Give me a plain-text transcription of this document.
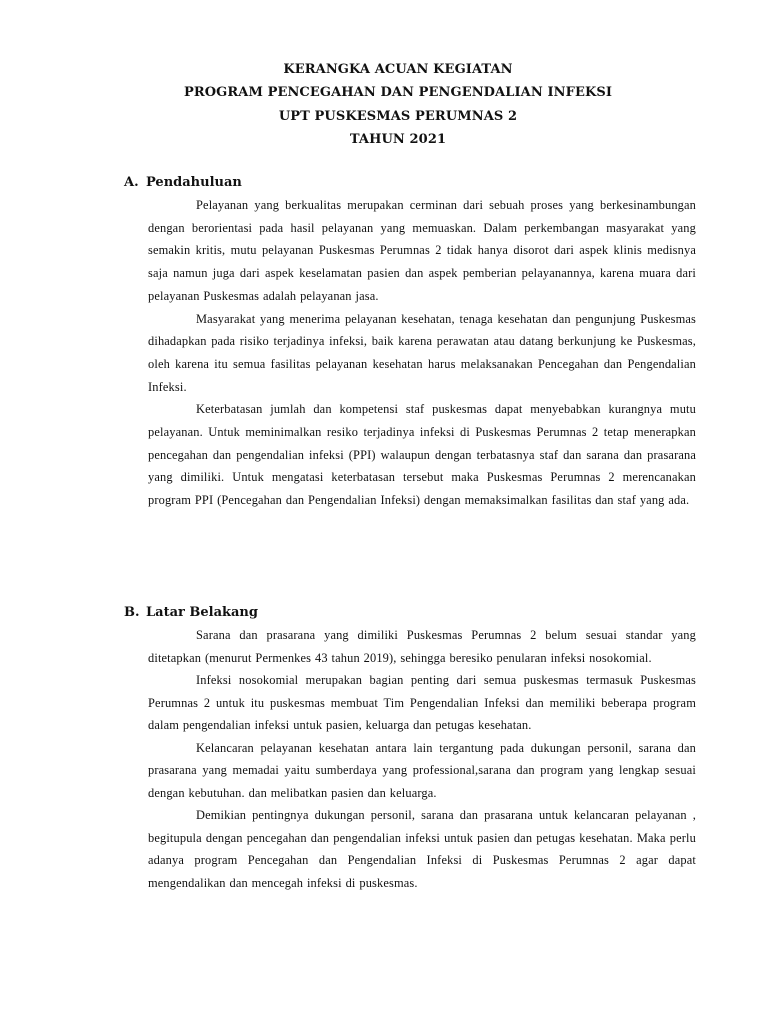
KERANGKA ACUAN KEGIATAN
PROGRAM PENCEGAHAN DAN PENGENDALIAN INFEKSI
UPT PUSKESMAS PERUMNAS 2
TAHUN 2021
A. Pendahuluan

Pelayanan yang berkualitas merupakan cerminan dari sebuah proses yang berkesinambungan dengan berorientasi pada hasil pelayanan yang memuaskan. Dalam perkembangan masyarakat yang semakin kritis, mutu pelayanan Puskesmas Perumnas 2 tidak hanya disorot dari aspek klinis medisnya saja namun juga dari aspek keselamatan pasien dan aspek pemberian pelayanannya, karena muara dari pelayanan Puskesmas adalah pelayanan jasa.

Masyarakat yang menerima pelayanan kesehatan, tenaga kesehatan dan pengunjung Puskesmas dihadapkan pada risiko terjadinya infeksi, baik karena perawatan atau datang berkunjung ke Puskesmas, oleh karena itu semua fasilitas pelayanan kesehatan harus melaksanakan Pencegahan dan Pengendalian Infeksi.

Keterbatasan jumlah dan kompetensi staf puskesmas dapat menyebabkan kurangnya mutu pelayanan. Untuk meminimalkan resiko terjadinya infeksi di Puskesmas Perumnas 2 tetap menerapkan pencegahan dan pengendalian infeksi (PPI) walaupun dengan terbatasnya staf dan sarana dan prasarana yang dimiliki. Untuk mengatasi keterbatasan tersebut maka Puskesmas Perumnas 2 merencanakan program PPI (Pencegahan dan Pengendalian Infeksi) dengan memaksimalkan fasilitas dan staf yang ada.

B. Latar Belakang

Sarana dan prasarana yang dimiliki Puskesmas Perumnas 2 belum sesuai standar yang ditetapkan (menurut Permenkes 43 tahun 2019), sehingga beresiko penularan infeksi nosokomial.

Infeksi nosokomial merupakan bagian penting dari semua puskesmas termasuk Puskesmas Perumnas 2 untuk itu puskesmas membuat Tim Pengendalian Infeksi dan memiliki beberapa program dalam pengendalian infeksi untuk pasien, keluarga dan petugas kesehatan.

Kelancaran pelayanan kesehatan antara lain tergantung pada dukungan personil, sarana dan prasarana yang memadai yaitu sumberdaya yang professional,sarana dan program yang lengkap sesuai dengan kebutuhan. dan melibatkan pasien dan keluarga.

Demikian pentingnya dukungan personil, sarana dan prasarana untuk kelancaran pelayanan , begitupula dengan pencegahan dan pengendalian infeksi untuk pasien dan petugas kesehatan. Maka perlu adanya program Pencegahan dan Pengendalian Infeksi di Puskesmas Perumnas 2 agar dapat mengendalikan dan mencegah infeksi di puskesmas.
